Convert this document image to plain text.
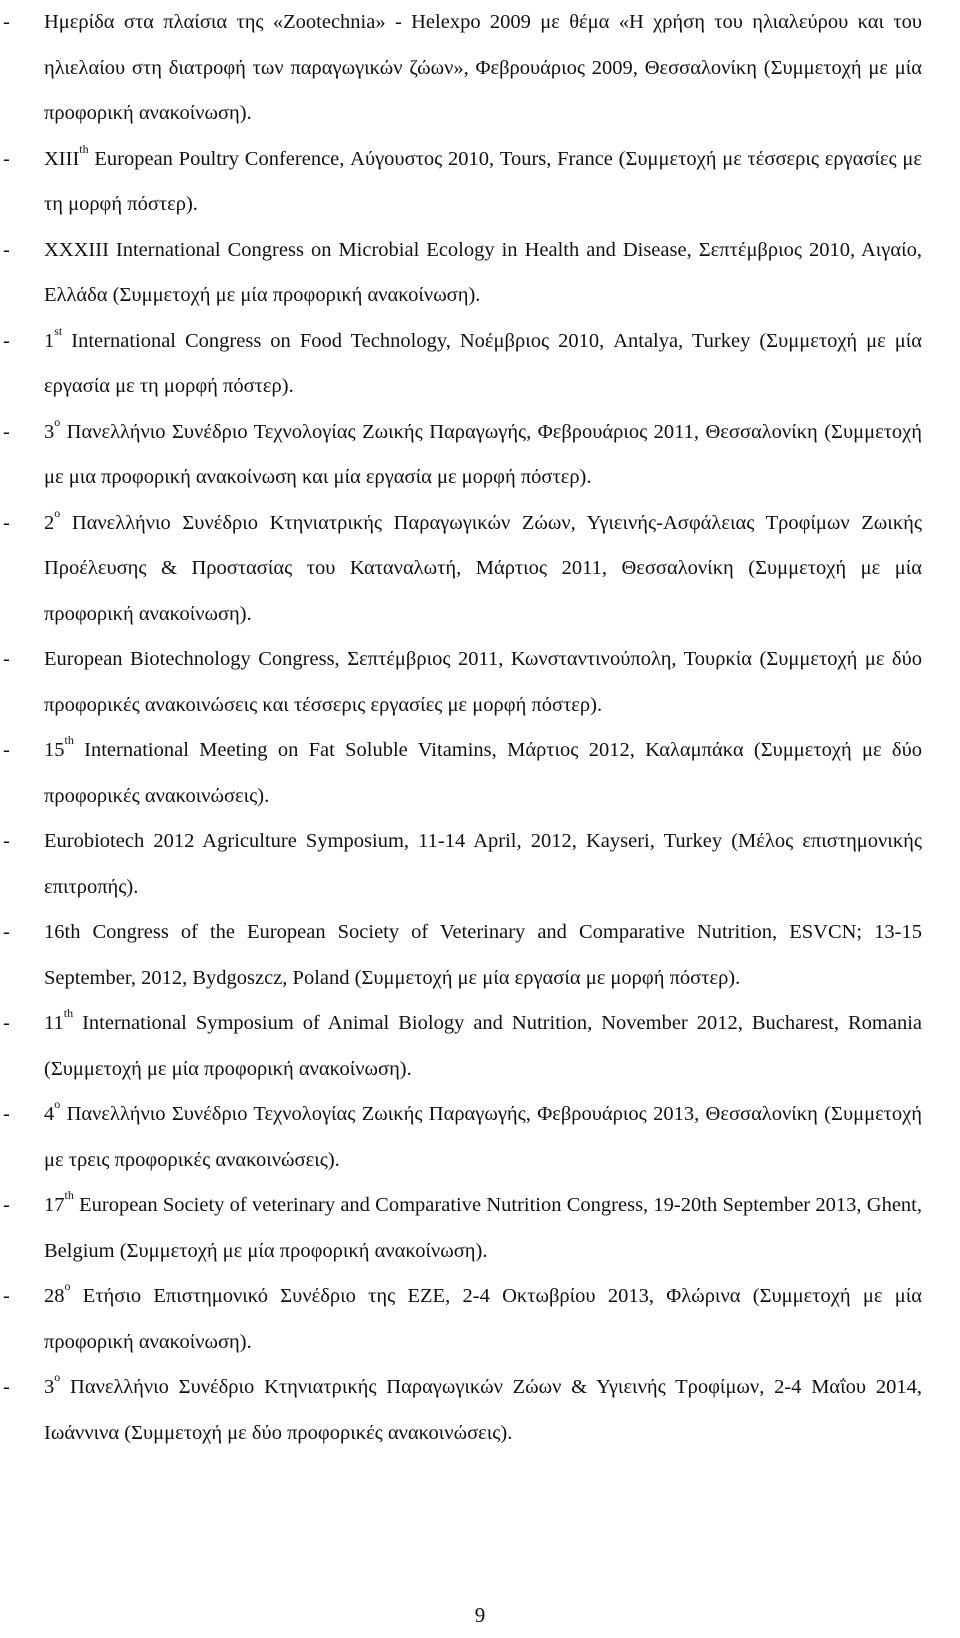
- Ημερίδα στα πλαίσια της «Zootechnia» - Helexpo 2009 με θέμα «Η χρήση του ηλιαλεύρου και του ηλιελαίου στη διατροφή των παραγωγικών ζώων», Φεβρουάριος 2009, Θεσσαλονίκη (Συμμετοχή με μία προφορική ανακοίνωση).
- XIIIth European Poultry Conference, Αύγουστος 2010, Tours, France (Συμμετοχή με τέσσερις εργασίες με τη μορφή πόστερ).
- XXXIII International Congress on Microbial Ecology in Health and Disease, Σεπτέμβριος 2010, Αιγαίο, Ελλάδα (Συμμετοχή με μία προφορική ανακοίνωση).
- 1st International Congress on Food Technology, Νοέμβριος 2010, Antalya, Turkey (Συμμετοχή με μία εργασία με τη μορφή πόστερ).
- $3^o$ Πανελλήνιο Συνέδριο Τεχνολογίας Ζωικής Παραγωγής, Φεβρουάριος 2011, Θεσσαλονίκη (Συμμετοχή με μια προφορική ανακοίνωση και μία εργασία με μορφή πόστερ).
- $2^o$ Πανελλήνιο Συνέδριο Κτηνιατρικής Παραγωγικών Ζώων, Υγιεινής-Ασφάλειας Τροφίμων Ζωικής Προέλευσης & Προστασίας του Καταναλωτή, Μάρτιος 2011, Θεσσαλονίκη (Συμμετοχή με μία προφορική ανακοίνωση).
- European Biotechnology Congress, Σεπτέμβριος 2011, Κωνσταντινούπολη, Τουρκία (Συμμετοχή με δύο προφορικές ανακοινώσεις και τέσσερις εργασίες με μορφή πόστερ).
- 15th International Meeting on Fat Soluble Vitamins, Μάρτιος 2012, Καλαμπάκα (Συμμετοχή με δύο προφορικές ανακοινώσεις).
- Eurobiotech 2012 Agriculture Symposium, 11-14 April, 2012, Kayseri, Turkey (Μέλος επιστημονικής επιτροπής).
- 16th Congress of the European Society of Veterinary and Comparative Nutrition, ESVCN; 13-15 September, 2012, Bydgoszcz, Poland (Συμμετοχή με μία εργασία με μορφή πόστερ).
- 11th International Symposium of Animal Biology and Nutrition, November 2012, Bucharest, Romania (Συμμετοχή με μία προφορική ανακοίνωση).
- $4^o$ Πανελλήνιο Συνέδριο Τεχνολογίας Ζωικής Παραγωγής, Φεβρουάριος 2013, Θεσσαλονίκη (Συμμετοχή με τρεις προφορικές ανακοινώσεις).
- 17th European Society of veterinary and Comparative Nutrition Congress, 19-20th September 2013, Ghent, Belgium (Συμμετοχή με μία προφορική ανακοίνωση).
- $28^o$ Ετήσιο Επιστημονικό Συνέδριο της ΕΖΕ, 2-4 Οκτωβρίου 2013, Φλώρινα (Συμμετοχή με μία προφορική ανακοίνωση).
- $3^o$ Πανελλήνιο Συνέδριο Κτηνιατρικής Παραγωγικών Ζώων & Υγιεινής Τροφίμων, 2-4 Μαΐου 2014, Ιωάννινα (Συμμετοχή με δύο προφορικές ανακοινώσεις).
9
